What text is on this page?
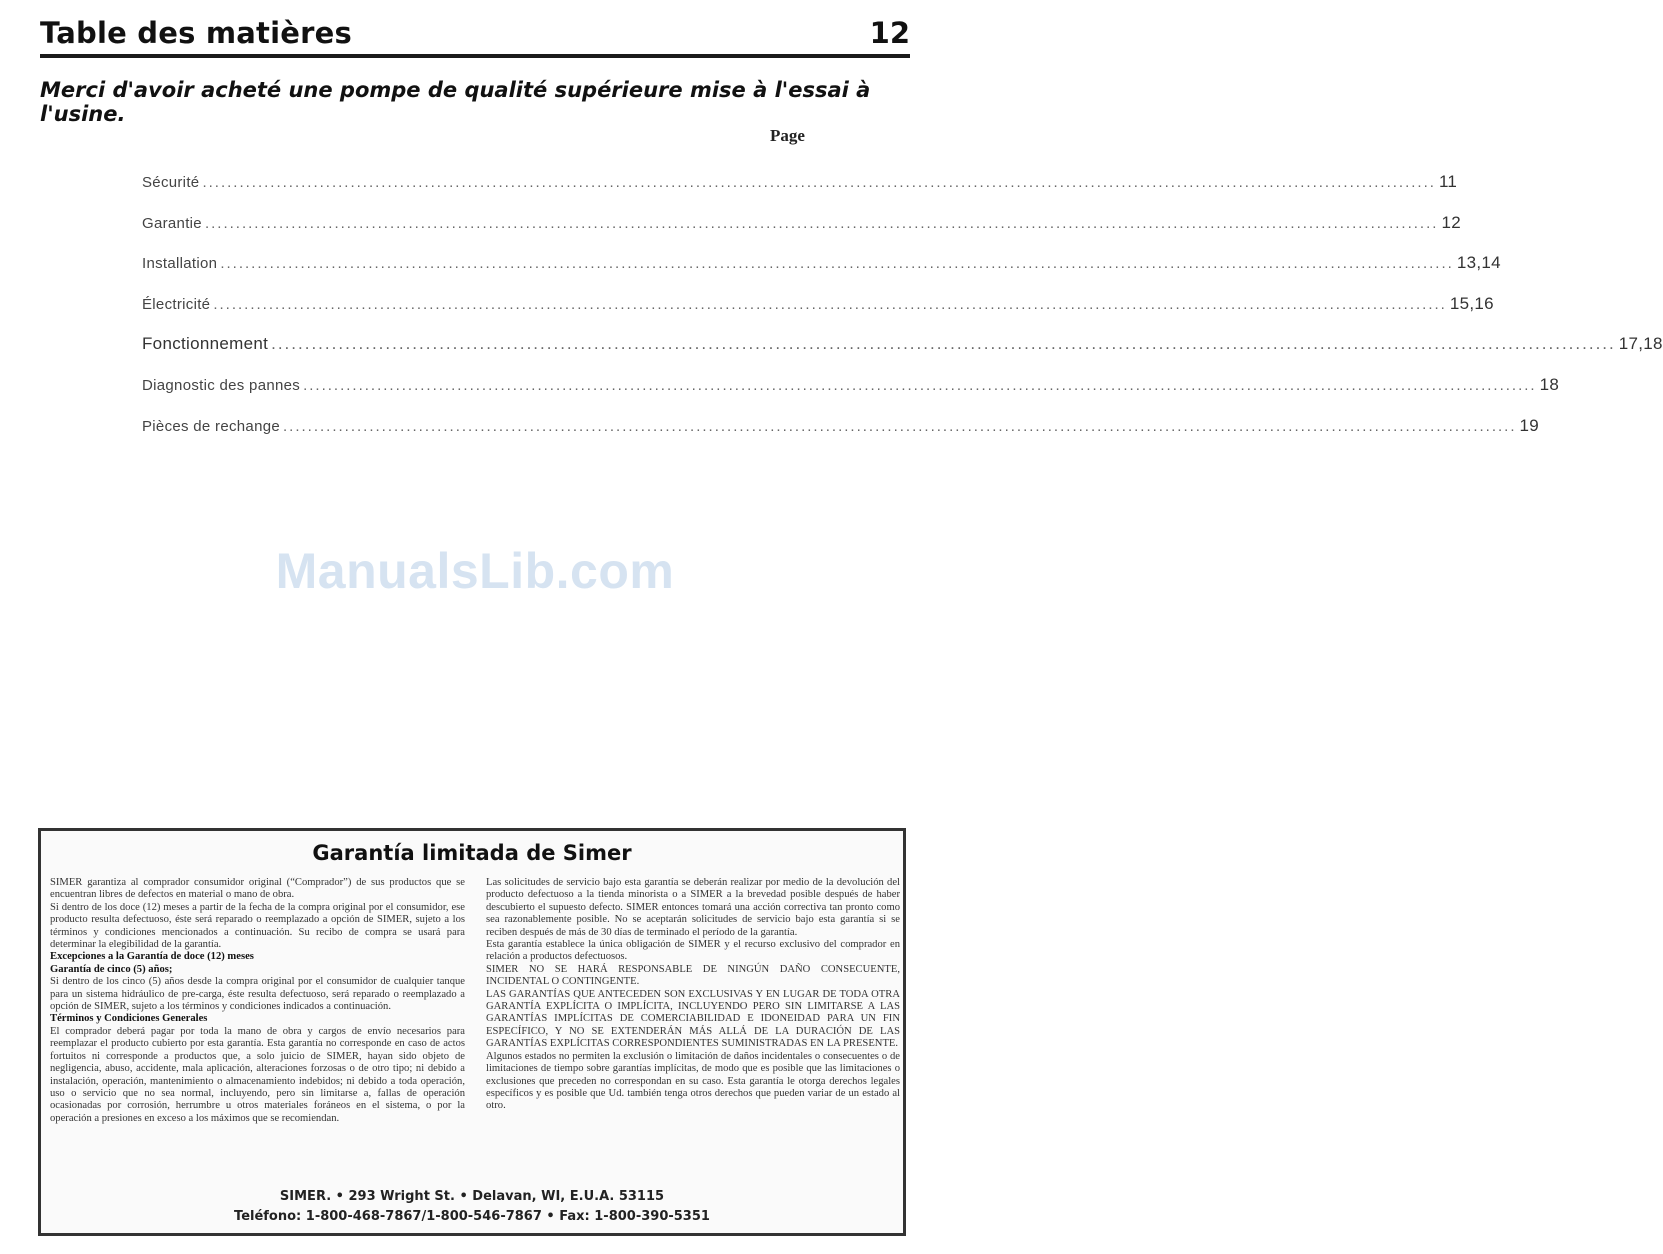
Table des matières	12
Merci d'avoir acheté une pompe de qualité supérieure mise à l'essai à l'usine.
Page
Sécurité ........................................................................................................................................................................................................ 11
Garantie ........................................................................................................................................................................................................ 12
Installation ........................................................................................................................................................................................................ 13,14
Électricité ........................................................................................................................................................................................................ 15,16
Fonctionnement ........................................................................................................................................................................................................ 17,18
Diagnostic des pannes ........................................................................................................................................................................................................ 18
Pièces de rechange ........................................................................................................................................................................................................ 19
ManualsLib.com
Garantía limitada de Simer

SIMER garantiza al comprador consumidor original (“Comprador”) de sus productos que se encuentran libres de defectos en material o mano de obra.

Si dentro de los doce (12) meses a partir de la fecha de la compra original por el consumidor, ese producto resulta defectuoso, éste será reparado o reemplazado a opción de SIMER, sujeto a los términos y condiciones mencionados a continuación. Su recibo de compra se usará para determinar la elegibilidad de la garantía.

Excepciones a la Garantía de doce (12) meses

Garantía de cinco (5) años;

Si dentro de los cinco (5) años desde la compra original por el consumidor de cualquier tanque para un sistema hidráulico de pre-carga, éste resulta defectuoso, será reparado o reemplazado a opción de SIMER, sujeto a los términos y condiciones indicados a continuación.

Términos y Condiciones Generales

El comprador deberá pagar por toda la mano de obra y cargos de envío necesarios para reemplazar el producto cubierto por esta garantía. Esta garantía no corresponde en caso de actos fortuitos ni corresponde a productos que, a solo juicio de SIMER, hayan sido objeto de negligencia, abuso, accidente, mala aplicación, alteraciones forzosas o de otro tipo; ni debido a instalación, operación, mantenimiento o almacenamiento indebidos; ni debido a toda operación, uso o servicio que no sea normal, incluyendo, pero sin limitarse a, fallas de operación ocasionadas por corrosión, herrumbre u otros materiales foráneos en el sistema, o por la operación a presiones en exceso a los máximos que se recomiendan.

Las solicitudes de servicio bajo esta garantía se deberán realizar por medio de la devolución del producto defectuoso a la tienda minorista o a SIMER a la brevedad posible después de haber descubierto el supuesto defecto. SIMER entonces tomará una acción correctiva tan pronto como sea razonablemente posible. No se aceptarán solicitudes de servicio bajo esta garantía si se reciben después de más de 30 días de terminado el período de la garantía.

Esta garantía establece la única obligación de SIMER y el recurso exclusivo del comprador en relación a productos defectuosos.

SIMER NO SE HARÁ RESPONSABLE DE NINGÚN DAÑO CONSECUENTE, INCIDENTAL O CONTINGENTE.

LAS GARANTÍAS QUE ANTECEDEN SON EXCLUSIVAS Y EN LUGAR DE TODA OTRA GARANTÍA EXPLÍCITA O IMPLÍCITA, INCLUYENDO PERO SIN LIMITARSE A LAS GARANTÍAS IMPLÍCITAS DE COMERCIABILIDAD E IDONEIDAD PARA UN FIN ESPECÍFICO, Y NO SE EXTENDERÁN MÁS ALLÁ DE LA DURACIÓN DE LAS GARANTÍAS EXPLÍCITAS CORRESPONDIENTES SUMINISTRADAS EN LA PRESENTE.

Algunos estados no permiten la exclusión o limitación de daños incidentales o consecuentes o de limitaciones de tiempo sobre garantías implícitas, de modo que es posible que las limitaciones o exclusiones que preceden no correspondan en su caso. Esta garantía le otorga derechos legales específicos y es posible que Ud. también tenga otros derechos que pueden variar de un estado al otro.

SIMER. • 293 Wright St. • Delavan, WI, E.U.A. 53115
Teléfono: 1-800-468-7867/1-800-546-7867 • Fax: 1-800-390-5351
